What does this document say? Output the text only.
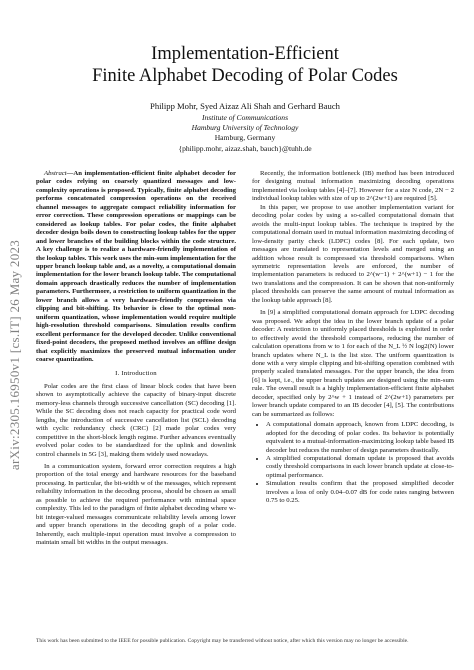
arXiv:2305.16950v1 [cs.IT] 26 May 2023
Implementation-Efficient
Finite Alphabet Decoding of Polar Codes
Philipp Mohr, Syed Aizaz Ali Shah and Gerhard Bauch
Institute of Communications
Hamburg University of Technology
Hamburg, Germany
{philipp.mohr, aizaz.shah, bauch}@tuhh.de

Abstract—An implementation-efficient finite alphabet decoder for polar codes relying on coarsely quantized messages and low-complexity operations is proposed. Typically, finite alphabet decoding performs concatenated compression operations on the received channel messages to aggregate compact reliability information for error correction. These compression operations or mappings can be considered as lookup tables. For polar codes, the finite alphabet decoder design boils down to constructing lookup tables for the upper and lower branches of the building blocks within the code structure. A key challenge is to realize a hardware-friendly implementation of the lookup tables. This work uses the min-sum implementation for the upper branch lookup table and, as a novelty, a computational domain implementation for the lower branch lookup table. The computational domain approach drastically reduces the number of implementation parameters. Furthermore, a restriction to uniform quantization in the lower branch allows a very hardware-friendly compression via clipping and bit-shifting. Its behavior is close to the optimal non-uniform quantization, whose implementation would require multiple high-resolution threshold comparisons. Simulation results confirm excellent performance for the developed decoder. Unlike conventional fixed-point decoders, the proposed method involves an offline design that explicitly maximizes the preserved mutual information under coarse quantization.

I. Introduction

Polar codes are the first class of linear block codes that have been shown to asymptotically achieve the capacity of binary-input discrete memory-less channels through successive cancellation (SC) decoding [1]. While the SC decoding does not reach capacity for practical code word lengths, the introduction of successive cancellation list (SCL) decoding with cyclic redundancy check (CRC) [2] made polar codes very competitive in the short-block length regime. Further advances eventually evolved polar codes to be standardized for the uplink and downlink control channels in 5G [3], making them widely used nowadays.

In a communication system, forward error correction requires a high proportion of the total energy and hardware resources for the baseband processing. In particular, the bit-width w of the messages, which represent reliability information in the decoding process, should be chosen as small as possible to achieve the required performance with minimal space complexity. This led to the paradigm of finite alphabet decoding where w-bit integer-valued messages communicate reliability levels among lower and upper branch operations in the decoding graph of a polar code. Inherently, each multiple-input operation must involve a compression to maintain small bit widths in the output messages.

Recently, the information bottleneck (IB) method has been introduced for designing mutual information maximizing decoding operations implemented via lookup tables [4]–[7]. However for a size N code, 2N − 2 individual lookup tables with size of up to 2^(2w+1) are required [5].

In this paper, we propose to use another implementation variant for decoding polar codes by using a so-called computational domain that avoids the multi-input lookup tables. The technique is inspired by the computational domain used in mutual information maximizing decoding of low-density parity check (LDPC) codes [8]. For each update, two messages are translated to representation levels and merged using an addition whose result is compressed via threshold comparisons. When symmetric representation levels are enforced, the number of implementation parameters is reduced to 2^(w−1) + 2^(w+1) − 1 for the two translations and the compression. It can be shown that non-uniformly placed thresholds can preserve the same amount of mutual information as the lookup table approach [8].

In [9] a simplified computational domain approach for LDPC decoding was proposed. We adopt the idea in the lower branch update of a polar decoder: A restriction to uniformly placed thresholds is exploited in order to effectively avoid the threshold comparisons, reducing the number of calculation operations from w to 1 for each of the N_L ½ N log2(N) lower branch updates where N_L is the list size. The uniform quantization is done with a very simple clipping and bit-shifting operation combined with properly scaled translated messages. For the upper branch, the idea from [6] is kept, i.e., the upper branch updates are designed using the min-sum rule. The overall result is a highly implementation-efficient finite alphabet decoder, specified only by 2^w + 1 instead of 2^(2w+1) parameters per lower branch update compared to an IB decoder [4], [5]. The contributions can be summarized as follows:

• A computational domain approach, known from LDPC decoding, is adopted for the decoding of polar codes. Its behavior is potentially equivalent to a mutual-information-maximizing lookup table based IB decoder but reduces the number of design parameters drastically.
• A simplified computational domain update is proposed that avoids costly threshold comparisons in each lower branch update at close-to-optimal performance.
• Simulation results confirm that the proposed simplified decoder involves a loss of only 0.04–0.07 dB for code rates ranging between 0.75 to 0.25.
This work has been submitted to the IEEE for possible publication. Copyright may be transferred without notice, after which this version may no longer be accessible.
